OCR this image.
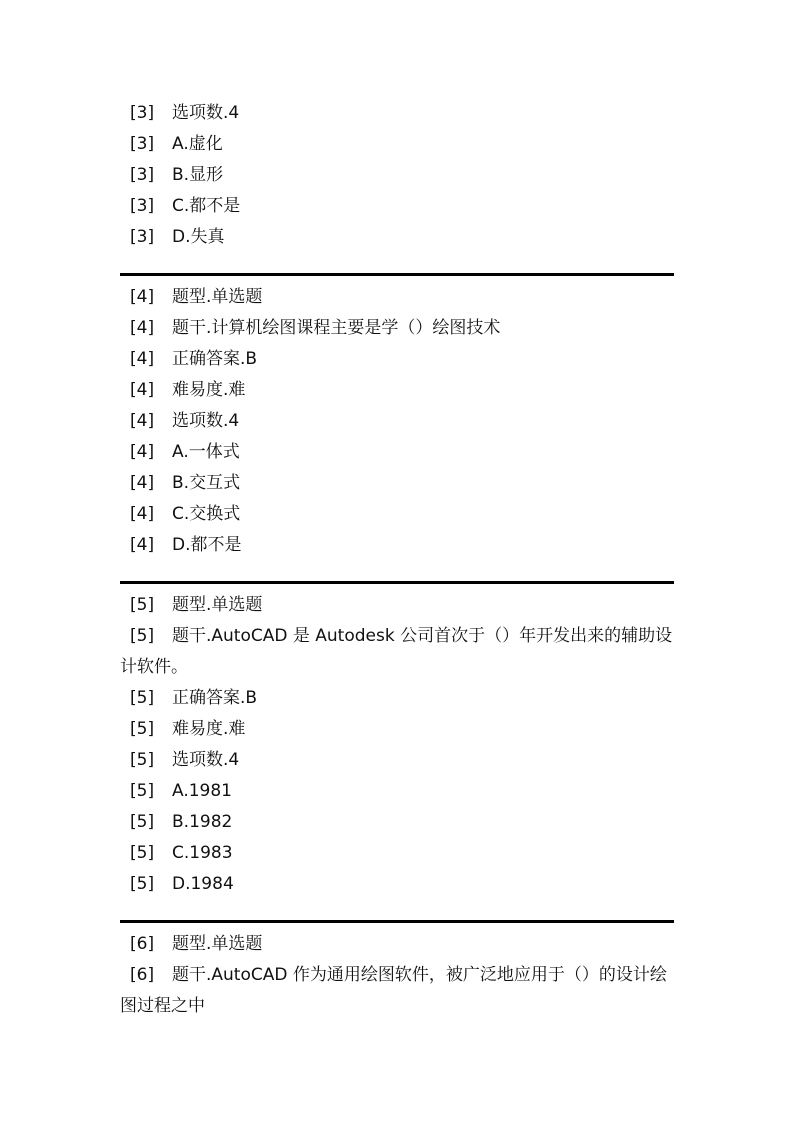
[3] 选项数.4
[3] A.虚化
[3] B.显形
[3] C.都不是
[3] D.失真
[4] 题型.单选题
[4] 题干.计算机绘图课程主要是学（）绘图技术
[4] 正确答案.B
[4] 难易度.难
[4] 选项数.4
[4] A.一体式
[4] B.交互式
[4] C.交换式
[4] D.都不是
[5] 题型.单选题
[5] 题干.AutoCAD 是 Autodesk 公司首次于（）年开发出来的辅助设计软件。
[5] 正确答案.B
[5] 难易度.难
[5] 选项数.4
[5] A.1981
[5] B.1982
[5] C.1983
[5] D.1984
[6] 题型.单选题
[6] 题干.AutoCAD 作为通用绘图软件，被广泛地应用于（）的设计绘图过程之中
